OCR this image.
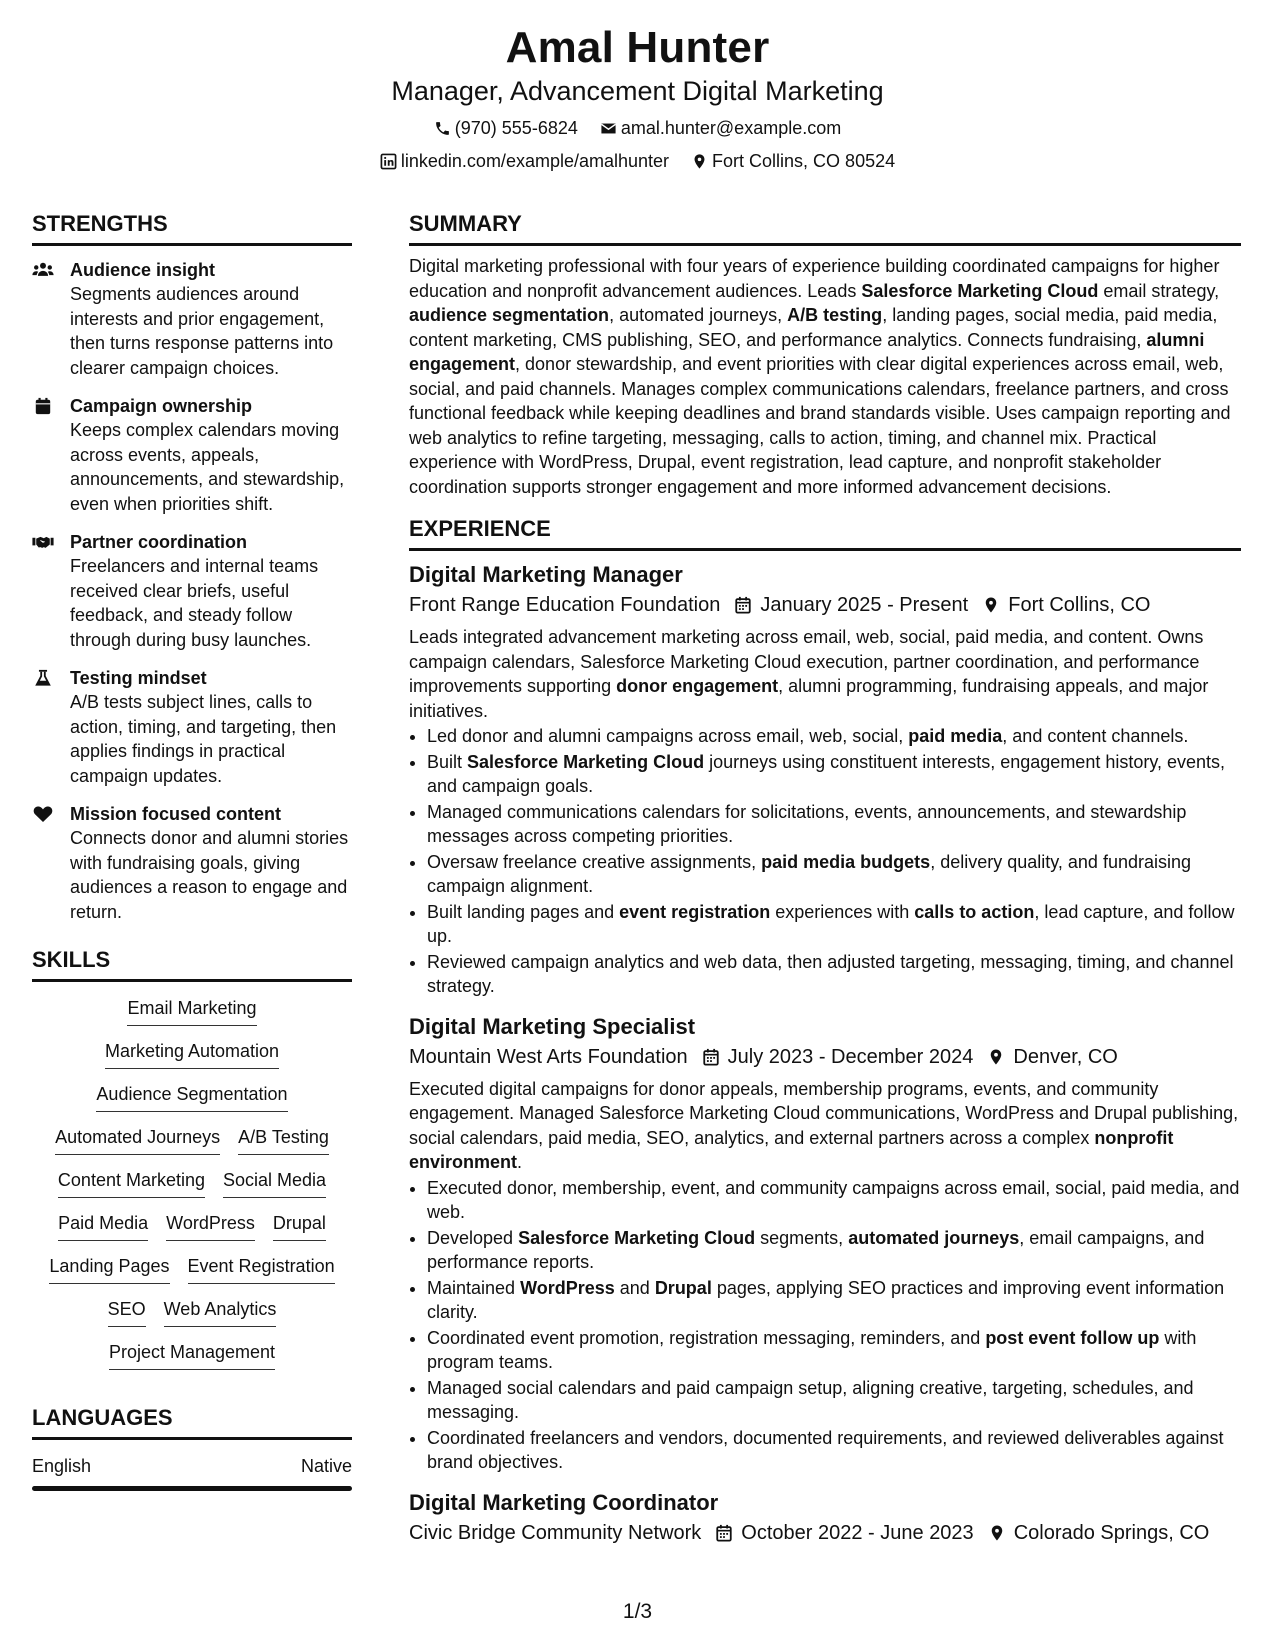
Amal Hunter
Manager, Advancement Digital Marketing
(970) 555-6824 amal.hunter@example.com
linkedin.com/example/amalhunter Fort Collins, CO 80524
STRENGTHS
Audience insight
Segments audiences around interests and prior engagement, then turns response patterns into clearer campaign choices.
Campaign ownership
Keeps complex calendars moving across events, appeals, announcements, and stewardship, even when priorities shift.
Partner coordination
Freelancers and internal teams received clear briefs, useful feedback, and steady follow through during busy launches.
Testing mindset
A/B tests subject lines, calls to action, timing, and targeting, then applies findings in practical campaign updates.
Mission focused content
Connects donor and alumni stories with fundraising goals, giving audiences a reason to engage and return.
SKILLS
Email Marketing
Marketing Automation
Audience Segmentation
Automated Journeys A/B Testing
Content Marketing Social Media
Paid Media WordPress Drupal
Landing Pages Event Registration
SEO Web Analytics
Project Management
LANGUAGES
English	Native
SUMMARY
Digital marketing professional with four years of experience building coordinated campaigns for higher education and nonprofit advancement audiences. Leads Salesforce Marketing Cloud email strategy, audience segmentation, automated journeys, A/B testing, landing pages, social media, paid media, content marketing, CMS publishing, SEO, and performance analytics. Connects fundraising, alumni engagement, donor stewardship, and event priorities with clear digital experiences across email, web, social, and paid channels. Manages complex communications calendars, freelance partners, and cross functional feedback while keeping deadlines and brand standards visible. Uses campaign reporting and web analytics to refine targeting, messaging, calls to action, timing, and channel mix. Practical experience with WordPress, Drupal, event registration, lead capture, and nonprofit stakeholder coordination supports stronger engagement and more informed advancement decisions.
EXPERIENCE
Digital Marketing Manager
Front Range Education Foundation January 2025 - Present Fort Collins, CO
Leads integrated advancement marketing across email, web, social, paid media, and content. Owns campaign calendars, Salesforce Marketing Cloud execution, partner coordination, and performance improvements supporting donor engagement, alumni programming, fundraising appeals, and major initiatives.
• Led donor and alumni campaigns across email, web, social, paid media, and content channels.
• Built Salesforce Marketing Cloud journeys using constituent interests, engagement history, events, and campaign goals.
• Managed communications calendars for solicitations, events, announcements, and stewardship messages across competing priorities.
• Oversaw freelance creative assignments, paid media budgets, delivery quality, and fundraising campaign alignment.
• Built landing pages and event registration experiences with calls to action, lead capture, and follow up.
• Reviewed campaign analytics and web data, then adjusted targeting, messaging, timing, and channel strategy.
Digital Marketing Specialist
Mountain West Arts Foundation July 2023 - December 2024 Denver, CO
Executed digital campaigns for donor appeals, membership programs, events, and community engagement. Managed Salesforce Marketing Cloud communications, WordPress and Drupal publishing, social calendars, paid media, SEO, analytics, and external partners across a complex nonprofit environment.
• Executed donor, membership, event, and community campaigns across email, social, paid media, and web.
• Developed Salesforce Marketing Cloud segments, automated journeys, email campaigns, and performance reports.
• Maintained WordPress and Drupal pages, applying SEO practices and improving event information clarity.
• Coordinated event promotion, registration messaging, reminders, and post event follow up with program teams.
• Managed social calendars and paid campaign setup, aligning creative, targeting, schedules, and messaging.
• Coordinated freelancers and vendors, documented requirements, and reviewed deliverables against brand objectives.
Digital Marketing Coordinator
Civic Bridge Community Network October 2022 - June 2023 Colorado Springs, CO
1/3
